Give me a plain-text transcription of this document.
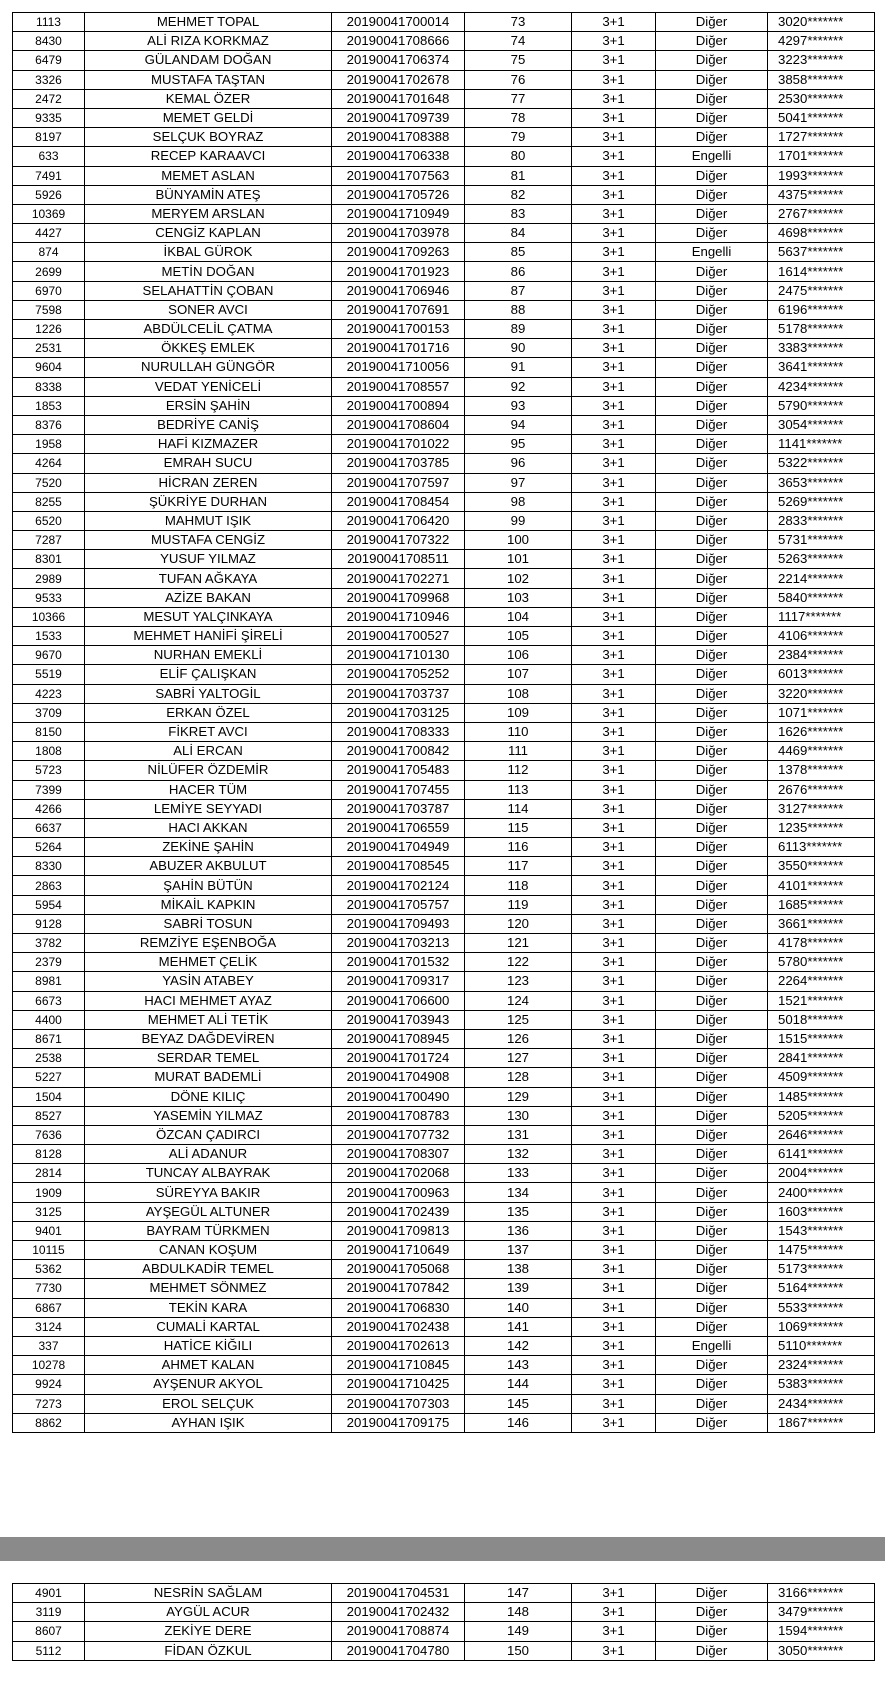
1113	MEHMET TOPAL	20190041700014	73	3+1	Diğer	3020*******
8430	ALİ RIZA KORKMAZ	20190041708666	74	3+1	Diğer	4297*******
6479	GÜLANDAM DOĞAN	20190041706374	75	3+1	Diğer	3223*******
3326	MUSTAFA TAŞTAN	20190041702678	76	3+1	Diğer	3858*******
2472	KEMAL ÖZER	20190041701648	77	3+1	Diğer	2530*******
9335	MEMET GELDİ	20190041709739	78	3+1	Diğer	5041*******
8197	SELÇUK BOYRAZ	20190041708388	79	3+1	Diğer	1727*******
633	RECEP KARAAVCI	20190041706338	80	3+1	Engelli	1701*******
7491	MEMET ASLAN	20190041707563	81	3+1	Diğer	1993*******
5926	BÜNYAMİN ATEŞ	20190041705726	82	3+1	Diğer	4375*******
10369	MERYEM ARSLAN	20190041710949	83	3+1	Diğer	2767*******
4427	CENGİZ KAPLAN	20190041703978	84	3+1	Diğer	4698*******
874	İKBAL GÜROK	20190041709263	85	3+1	Engelli	5637*******
2699	METİN DOĞAN	20190041701923	86	3+1	Diğer	1614*******
6970	SELAHATTİN ÇOBAN	20190041706946	87	3+1	Diğer	2475*******
7598	SONER AVCI	20190041707691	88	3+1	Diğer	6196*******
1226	ABDÜLCELİL ÇATMA	20190041700153	89	3+1	Diğer	5178*******
2531	ÖKKEŞ EMLEK	20190041701716	90	3+1	Diğer	3383*******
9604	NURULLAH GÜNGÖR	20190041710056	91	3+1	Diğer	3641*******
8338	VEDAT YENİCELİ	20190041708557	92	3+1	Diğer	4234*******
1853	ERSİN ŞAHİN	20190041700894	93	3+1	Diğer	5790*******
8376	BEDRİYE CANİŞ	20190041708604	94	3+1	Diğer	3054*******
1958	HAFİ KIZMAZER	20190041701022	95	3+1	Diğer	1141*******
4264	EMRAH SUCU	20190041703785	96	3+1	Diğer	5322*******
7520	HİCRAN ZEREN	20190041707597	97	3+1	Diğer	3653*******
8255	ŞÜKRİYE DURHAN	20190041708454	98	3+1	Diğer	5269*******
6520	MAHMUT IŞIK	20190041706420	99	3+1	Diğer	2833*******
7287	MUSTAFA CENGİZ	20190041707322	100	3+1	Diğer	5731*******
8301	YUSUF YILMAZ	20190041708511	101	3+1	Diğer	5263*******
2989	TUFAN AĞKAYA	20190041702271	102	3+1	Diğer	2214*******
9533	AZİZE BAKAN	20190041709968	103	3+1	Diğer	5840*******
10366	MESUT YALÇINKAYA	20190041710946	104	3+1	Diğer	1117*******
1533	MEHMET HANİFİ ŞİRELİ	20190041700527	105	3+1	Diğer	4106*******
9670	NURHAN EMEKLİ	20190041710130	106	3+1	Diğer	2384*******
5519	ELİF ÇALIŞKAN	20190041705252	107	3+1	Diğer	6013*******
4223	SABRİ YALTOGİL	20190041703737	108	3+1	Diğer	3220*******
3709	ERKAN ÖZEL	20190041703125	109	3+1	Diğer	1071*******
8150	FİKRET AVCI	20190041708333	110	3+1	Diğer	1626*******
1808	ALİ ERCAN	20190041700842	111	3+1	Diğer	4469*******
5723	NİLÜFER ÖZDEMİR	20190041705483	112	3+1	Diğer	1378*******
7399	HACER TÜM	20190041707455	113	3+1	Diğer	2676*******
4266	LEMİYE SEYYADI	20190041703787	114	3+1	Diğer	3127*******
6637	HACI AKKAN	20190041706559	115	3+1	Diğer	1235*******
5264	ZEKİNE ŞAHİN	20190041704949	116	3+1	Diğer	6113*******
8330	ABUZER AKBULUT	20190041708545	117	3+1	Diğer	3550*******
2863	ŞAHİN BÜTÜN	20190041702124	118	3+1	Diğer	4101*******
5954	MİKAİL KAPKIN	20190041705757	119	3+1	Diğer	1685*******
9128	SABRİ TOSUN	20190041709493	120	3+1	Diğer	3661*******
3782	REMZİYE EŞENBOĞA	20190041703213	121	3+1	Diğer	4178*******
2379	MEHMET ÇELİK	20190041701532	122	3+1	Diğer	5780*******
8981	YASİN ATABEY	20190041709317	123	3+1	Diğer	2264*******
6673	HACI MEHMET AYAZ	20190041706600	124	3+1	Diğer	1521*******
4400	MEHMET ALİ TETİK	20190041703943	125	3+1	Diğer	5018*******
8671	BEYAZ DAĞDEVİREN	20190041708945	126	3+1	Diğer	1515*******
2538	SERDAR TEMEL	20190041701724	127	3+1	Diğer	2841*******
5227	MURAT BADEMLİ	20190041704908	128	3+1	Diğer	4509*******
1504	DÖNE KILIÇ	20190041700490	129	3+1	Diğer	1485*******
8527	YASEMİN YILMAZ	20190041708783	130	3+1	Diğer	5205*******
7636	ÖZCAN ÇADIRCI	20190041707732	131	3+1	Diğer	2646*******
8128	ALİ ADANUR	20190041708307	132	3+1	Diğer	6141*******
2814	TUNCAY ALBAYRAK	20190041702068	133	3+1	Diğer	2004*******
1909	SÜREYYA BAKIR	20190041700963	134	3+1	Diğer	2400*******
3125	AYŞEGÜL ALTUNER	20190041702439	135	3+1	Diğer	1603*******
9401	BAYRAM TÜRKMEN	20190041709813	136	3+1	Diğer	1543*******
10115	CANAN KOŞUM	20190041710649	137	3+1	Diğer	1475*******
5362	ABDULKADİR TEMEL	20190041705068	138	3+1	Diğer	5173*******
7730	MEHMET SÖNMEZ	20190041707842	139	3+1	Diğer	5164*******
6867	TEKİN KARA	20190041706830	140	3+1	Diğer	5533*******
3124	CUMALİ KARTAL	20190041702438	141	3+1	Diğer	1069*******
337	HATİCE KİĞILI	20190041702613	142	3+1	Engelli	5110*******
10278	AHMET KALAN	20190041710845	143	3+1	Diğer	2324*******
9924	AYŞENUR AKYOL	20190041710425	144	3+1	Diğer	5383*******
7273	EROL SELÇUK	20190041707303	145	3+1	Diğer	2434*******
8862	AYHAN IŞIK	20190041709175	146	3+1	Diğer	1867*******
4901	NESRİN SAĞLAM	20190041704531	147	3+1	Diğer	3166*******
3119	AYGÜL ACUR	20190041702432	148	3+1	Diğer	3479*******
8607	ZEKİYE DERE	20190041708874	149	3+1	Diğer	1594*******
5112	FİDAN ÖZKUL	20190041704780	150	3+1	Diğer	3050*******
